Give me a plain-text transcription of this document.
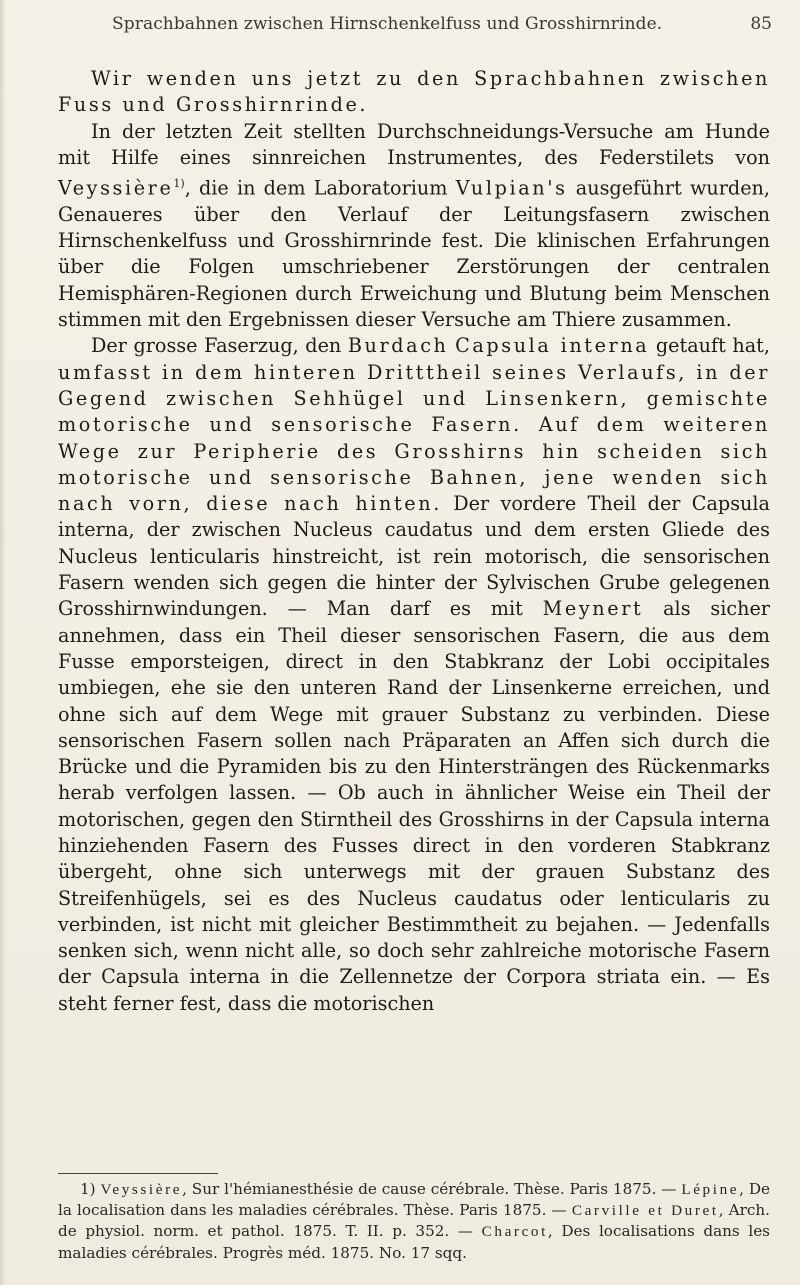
Sprachbahnen zwischen Hirnschenkelfuss und Grosshirnrinde.	85

Wir wenden uns jetzt zu den Sprachbahnen zwischen Fuss und Grosshirnrinde.

In der letzten Zeit stellten Durchschneidungs-Versuche am Hunde mit Hilfe eines sinnreichen Instrumentes, des Federstilets von Veyssière$^{1)}$, die in dem Laboratorium Vulpian's ausgeführt wurden, Genaueres über den Verlauf der Leitungsfasern zwischen Hirnschenkelfuss und Grosshirnrinde fest. Die klinischen Erfahrungen über die Folgen umschriebener Zerstörungen der centralen Hemisphären-Regionen durch Erweichung und Blutung beim Menschen stimmen mit den Ergebnissen dieser Versuche am Thiere zusammen.

Der grosse Faserzug, den Burdach Capsula interna getauft hat, umfasst in dem hinteren Dritttheil seines Verlaufs, in der Gegend zwischen Sehhügel und Linsenkern, gemischte motorische und sensorische Fasern. Auf dem weiteren Wege zur Peripherie des Grosshirns hin scheiden sich motorische und sensorische Bahnen, jene wenden sich nach vorn, diese nach hinten. Der vordere Theil der Capsula interna, der zwischen Nucleus caudatus und dem ersten Gliede des Nucleus lenticularis hinstreicht, ist rein motorisch, die sensorischen Fasern wenden sich gegen die hinter der Sylvischen Grube gelegenen Grosshirnwindungen. — Man darf es mit Meynert als sicher annehmen, dass ein Theil dieser sensorischen Fasern, die aus dem Fusse emporsteigen, direct in den Stabkranz der Lobi occipitales umbiegen, ehe sie den unteren Rand der Linsenkerne erreichen, und ohne sich auf dem Wege mit grauer Substanz zu verbinden. Diese sensorischen Fasern sollen nach Präparaten an Affen sich durch die Brücke und die Pyramiden bis zu den Hintersträngen des Rückenmarks herab verfolgen lassen. — Ob auch in ähnlicher Weise ein Theil der motorischen, gegen den Stirntheil des Grosshirns in der Capsula interna hinziehenden Fasern des Fusses direct in den vorderen Stabkranz übergeht, ohne sich unterwegs mit der grauen Substanz des Streifenhügels, sei es des Nucleus caudatus oder lenticularis zu verbinden, ist nicht mit gleicher Bestimmtheit zu bejahen. — Jedenfalls senken sich, wenn nicht alle, so doch sehr zahlreiche motorische Fasern der Capsula interna in die Zellennetze der Corpora striata ein. — Es steht ferner fest, dass die motorischen

1) Veyssière, Sur l'hémianesthésie de cause cérébrale. Thèse. Paris 1875. — Lépine, De la localisation dans les maladies cérébrales. Thèse. Paris 1875. — Carville et Duret, Arch. de physiol. norm. et pathol. 1875. T. II. p. 352. — Charcot, Des localisations dans les maladies cérébrales. Progrès méd. 1875. No. 17 sqq.
